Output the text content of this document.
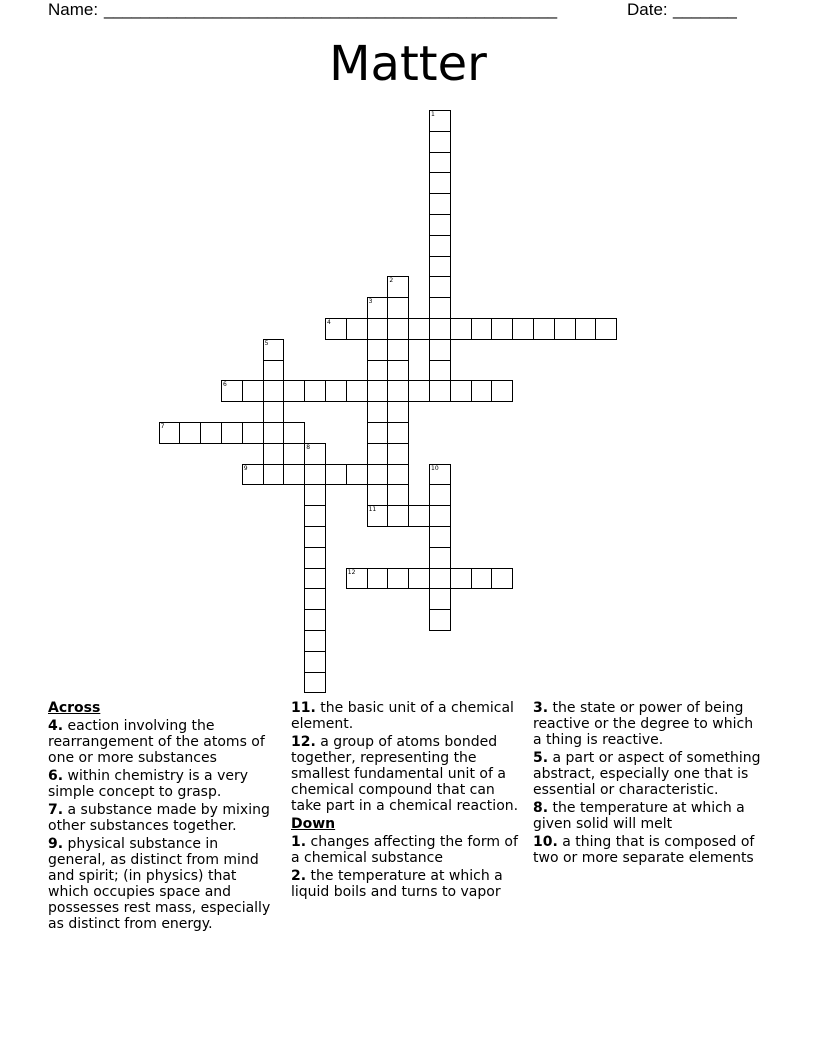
Name: __________________________________________________	Date: _______
Matter
1
2
3
4
5
6
7
8
9	10
11
12
Across

4. eaction involving the rearrangement of the atoms of one or more substances

6. within chemistry is a very simple concept to grasp.

7. a substance made by mixing other substances together.

9. physical substance in general, as distinct from mind and spirit; (in physics) that which occupies space and possesses rest mass, especially as distinct from energy.

11. the basic unit of a chemical element.

12. a group of atoms bonded together, representing the smallest fundamental unit of a chemical compound that can take part in a chemical reaction.

Down

1. changes affecting the form of a chemical substance

2. the temperature at which a liquid boils and turns to vapor

3. the state or power of being reactive or the degree to which a thing is reactive.

5. a part or aspect of something abstract, especially one that is essential or characteristic.

8. the temperature at which a given solid will melt

10. a thing that is composed of two or more separate elements
